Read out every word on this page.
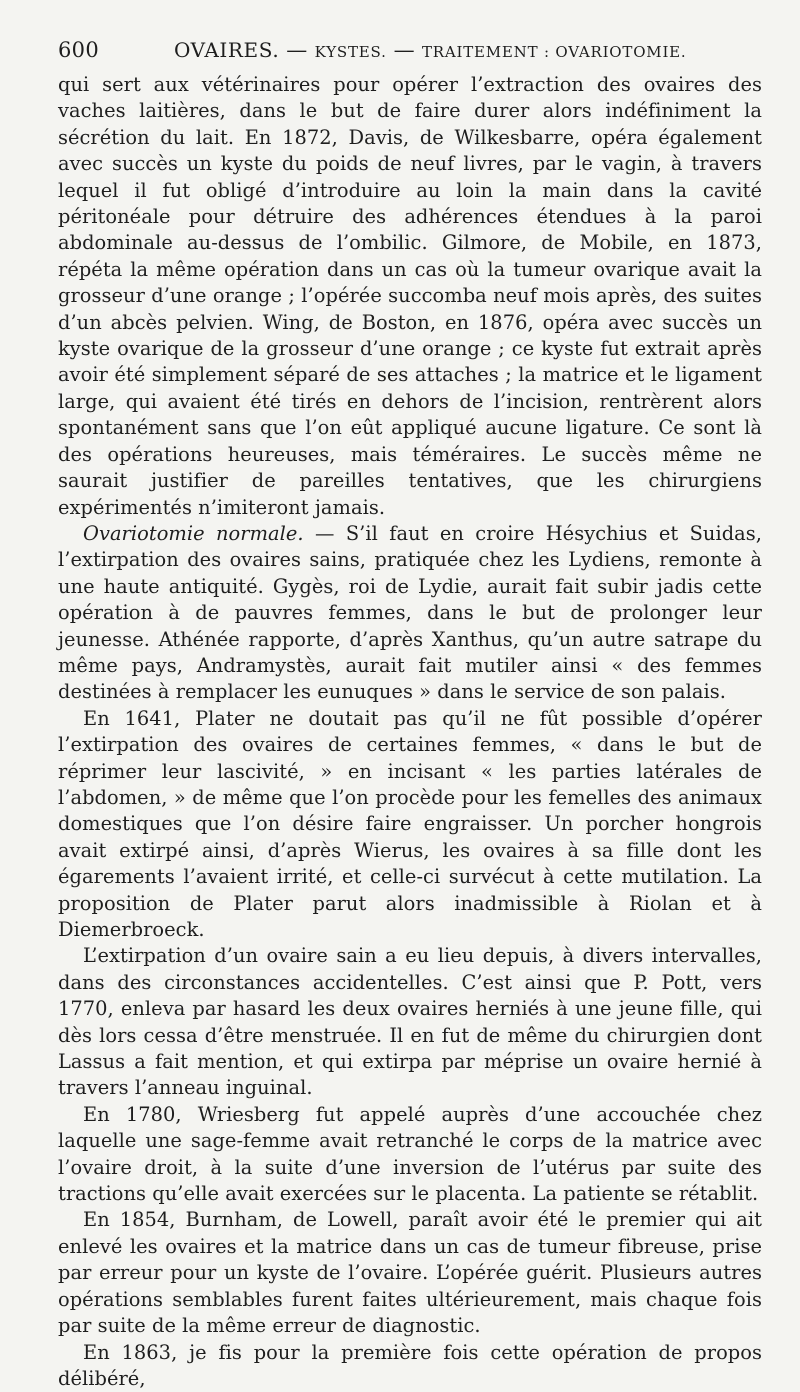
600	OVAIRES. — KYSTES. — TRAITEMENT : OVARIOTOMIE.

qui sert aux vétérinaires pour opérer l’extraction des ovaires des vaches laitières, dans le but de faire durer alors indéfiniment la sécrétion du lait. En 1872, Davis, de Wilkesbarre, opéra également avec succès un kyste du poids de neuf livres, par le vagin, à travers lequel il fut obligé d’introduire au loin la main dans la cavité péritonéale pour détruire des adhérences étendues à la paroi abdominale au-dessus de l’ombilic. Gilmore, de Mobile, en 1873, répéta la même opération dans un cas où la tumeur ovarique avait la grosseur d’une orange ; l’opérée succomba neuf mois après, des suites d’un abcès pelvien. Wing, de Boston, en 1876, opéra avec succès un kyste ovarique de la grosseur d’une orange ; ce kyste fut extrait après avoir été simplement séparé de ses attaches ; la matrice et le ligament large, qui avaient été tirés en dehors de l’incision, rentrèrent alors spontanément sans que l’on eût appliqué aucune ligature. Ce sont là des opérations heureuses, mais téméraires. Le succès même ne saurait justifier de pareilles tentatives, que les chirurgiens expérimentés n’imiteront jamais.

Ovariotomie normale. — S’il faut en croire Hésychius et Suidas, l’extirpation des ovaires sains, pratiquée chez les Lydiens, remonte à une haute antiquité. Gygès, roi de Lydie, aurait fait subir jadis cette opération à de pauvres femmes, dans le but de prolonger leur jeunesse. Athénée rapporte, d’après Xanthus, qu’un autre satrape du même pays, Andramystès, aurait fait mutiler ainsi « des femmes destinées à remplacer les eunuques » dans le service de son palais.

En 1641, Plater ne doutait pas qu’il ne fût possible d’opérer l’extirpation des ovaires de certaines femmes, « dans le but de réprimer leur lascivité, » en incisant « les parties latérales de l’abdomen, » de même que l’on procède pour les femelles des animaux domestiques que l’on désire faire engraisser. Un porcher hongrois avait extirpé ainsi, d’après Wierus, les ovaires à sa fille dont les égarements l’avaient irrité, et celle-ci survécut à cette mutilation. La proposition de Plater parut alors inadmissible à Riolan et à Diemerbroeck.

L’extirpation d’un ovaire sain a eu lieu depuis, à divers intervalles, dans des circonstances accidentelles. C’est ainsi que P. Pott, vers 1770, enleva par hasard les deux ovaires herniés à une jeune fille, qui dès lors cessa d’être menstruée. Il en fut de même du chirurgien dont Lassus a fait mention, et qui extirpa par méprise un ovaire hernié à travers l’anneau inguinal.

En 1780, Wriesberg fut appelé auprès d’une accouchée chez laquelle une sage-femme avait retranché le corps de la matrice avec l’ovaire droit, à la suite d’une inversion de l’utérus par suite des tractions qu’elle avait exercées sur le placenta. La patiente se rétablit.

En 1854, Burnham, de Lowell, paraît avoir été le premier qui ait enlevé les ovaires et la matrice dans un cas de tumeur fibreuse, prise par erreur pour un kyste de l’ovaire. L’opérée guérit. Plusieurs autres opérations semblables furent faites ultérieurement, mais chaque fois par suite de la même erreur de diagnostic.

En 1863, je fis pour la première fois cette opération de propos délibéré,
